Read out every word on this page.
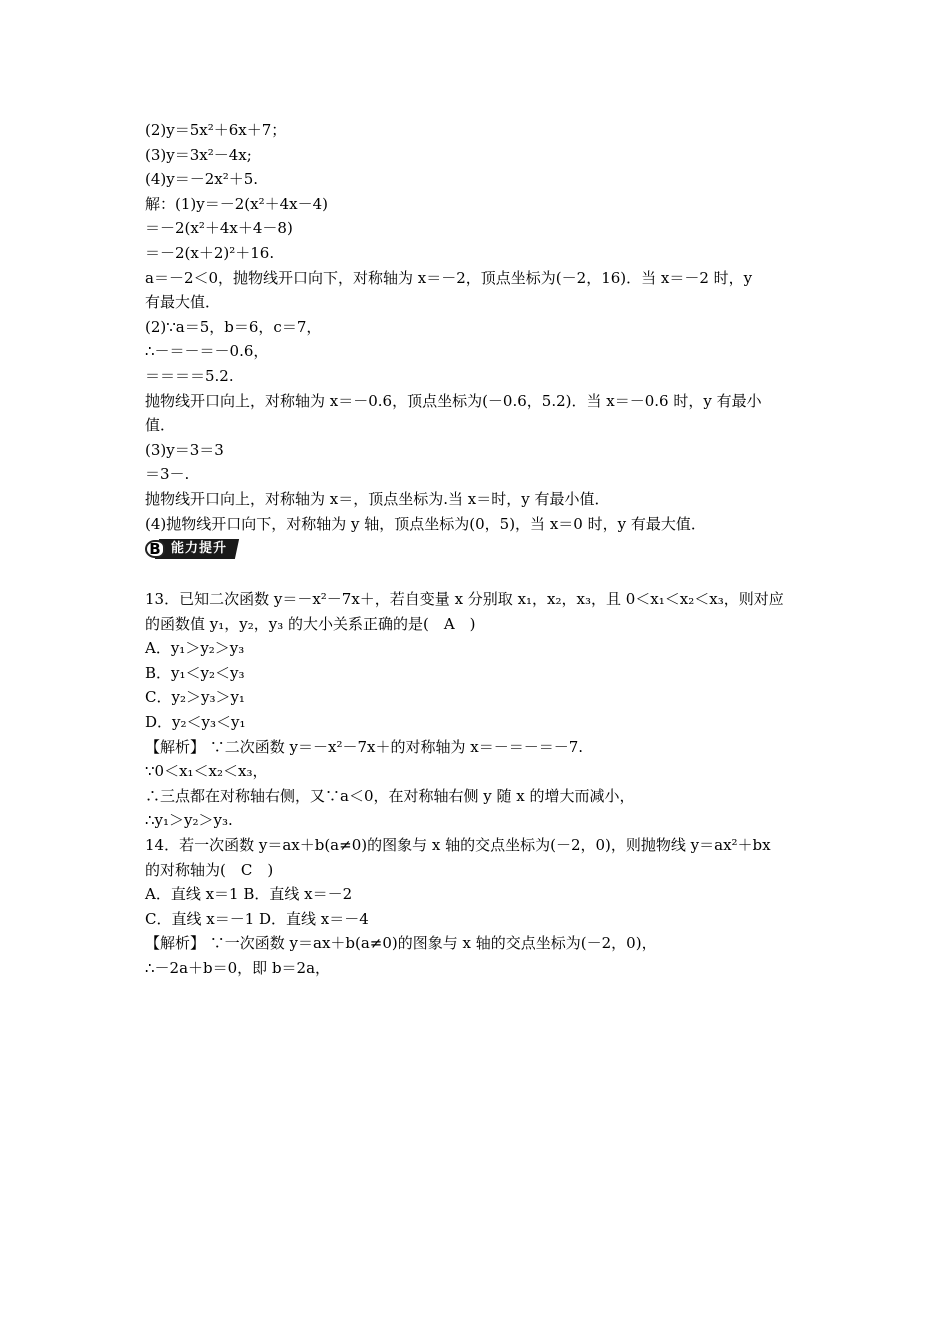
(2)y＝5x²＋6x＋7；
(3)y＝3x²－4x;
(4)y＝－2x²＋5.
解：(1)y＝－2(x²＋4x－4)
＝－2(x²＋4x＋4－8)
＝－2(x＋2)²＋16.
a＝－2＜0，抛物线开口向下，对称轴为 x＝－2，顶点坐标为(－2，16)．当 x＝－2 时，y
有最大值．
(2)∵a＝5，b＝6，c＝7，
∴－＝－＝－0.6，
＝＝＝＝5.2.
抛物线开口向上，对称轴为 x＝－0.6，顶点坐标为(－0.6，5.2)．当 x＝－0.6 时，y 有最小
值．
(3)y＝3＝3
＝3－.
抛物线开口向上，对称轴为 x＝，顶点坐标为.当 x＝时，y 有最小值．
(4)抛物线开口向下，对称轴为 y 轴，顶点坐标为(0，5)，当 x＝0 时，y 有最大值．
B 能力提升
13．已知二次函数 y＝－x²－7x＋，若自变量 x 分别取 x₁，x₂，x₃，且 0＜x₁＜x₂＜x₃，则对应
的函数值 y₁，y₂，y₃ 的大小关系正确的是(　A　)
A．y₁＞y₂＞y₃
B．y₁＜y₂＜y₃
C．y₂＞y₃＞y₁
D．y₂＜y₃＜y₁
【解析】 ∵二次函数 y＝－x²－7x＋的对称轴为 x＝－＝－＝－7.
∵0＜x₁＜x₂＜x₃，
∴三点都在对称轴右侧，又∵a＜0，在对称轴右侧 y 随 x 的增大而减小，
∴y₁＞y₂＞y₃.
14．若一次函数 y＝ax＋b(a≠0)的图象与 x 轴的交点坐标为(－2，0)，则抛物线 y＝ax²＋bx
的对称轴为(　C　)
A．直线 x＝1 B．直线 x＝－2
C．直线 x＝－1 D．直线 x＝－4
【解析】 ∵一次函数 y＝ax＋b(a≠0)的图象与 x 轴的交点坐标为(－2，0)，
∴－2a＋b＝0，即 b＝2a，
